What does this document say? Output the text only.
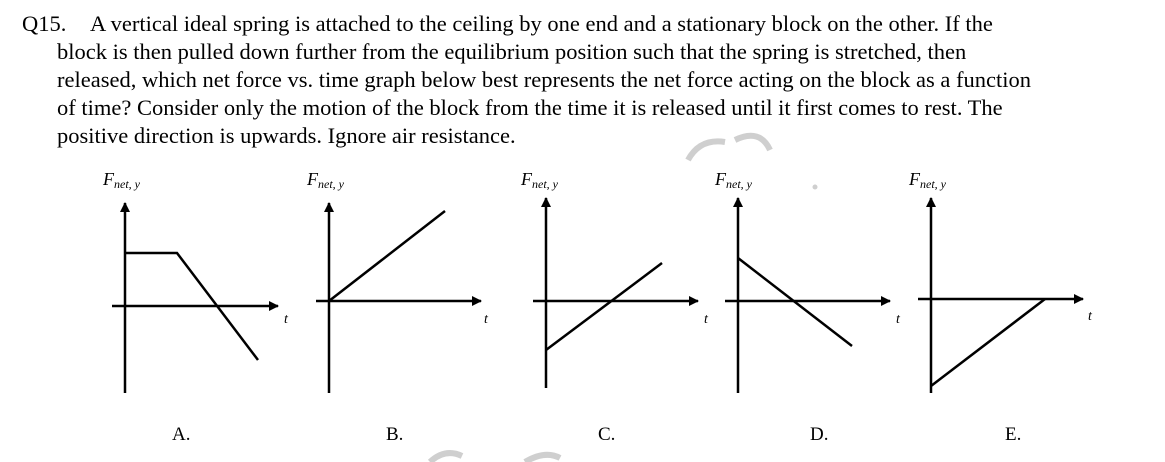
Q15. A vertical ideal spring is attached to the ceiling by one end and a stationary block on the other. If the
block is then pulled down further from the equilibrium position such that the spring is stretched, then
released, which net force vs. time graph below best represents the net force acting on the block as a function
of time? Consider only the motion of the block from the time it is released until it first comes to rest. The
positive direction is upwards. Ignore air resistance.
Fnet, y
t
A.
Fnet, y
t
B.
Fnet, y
t
C.
Fnet, y
t
D.
Fnet, y
t
E.
